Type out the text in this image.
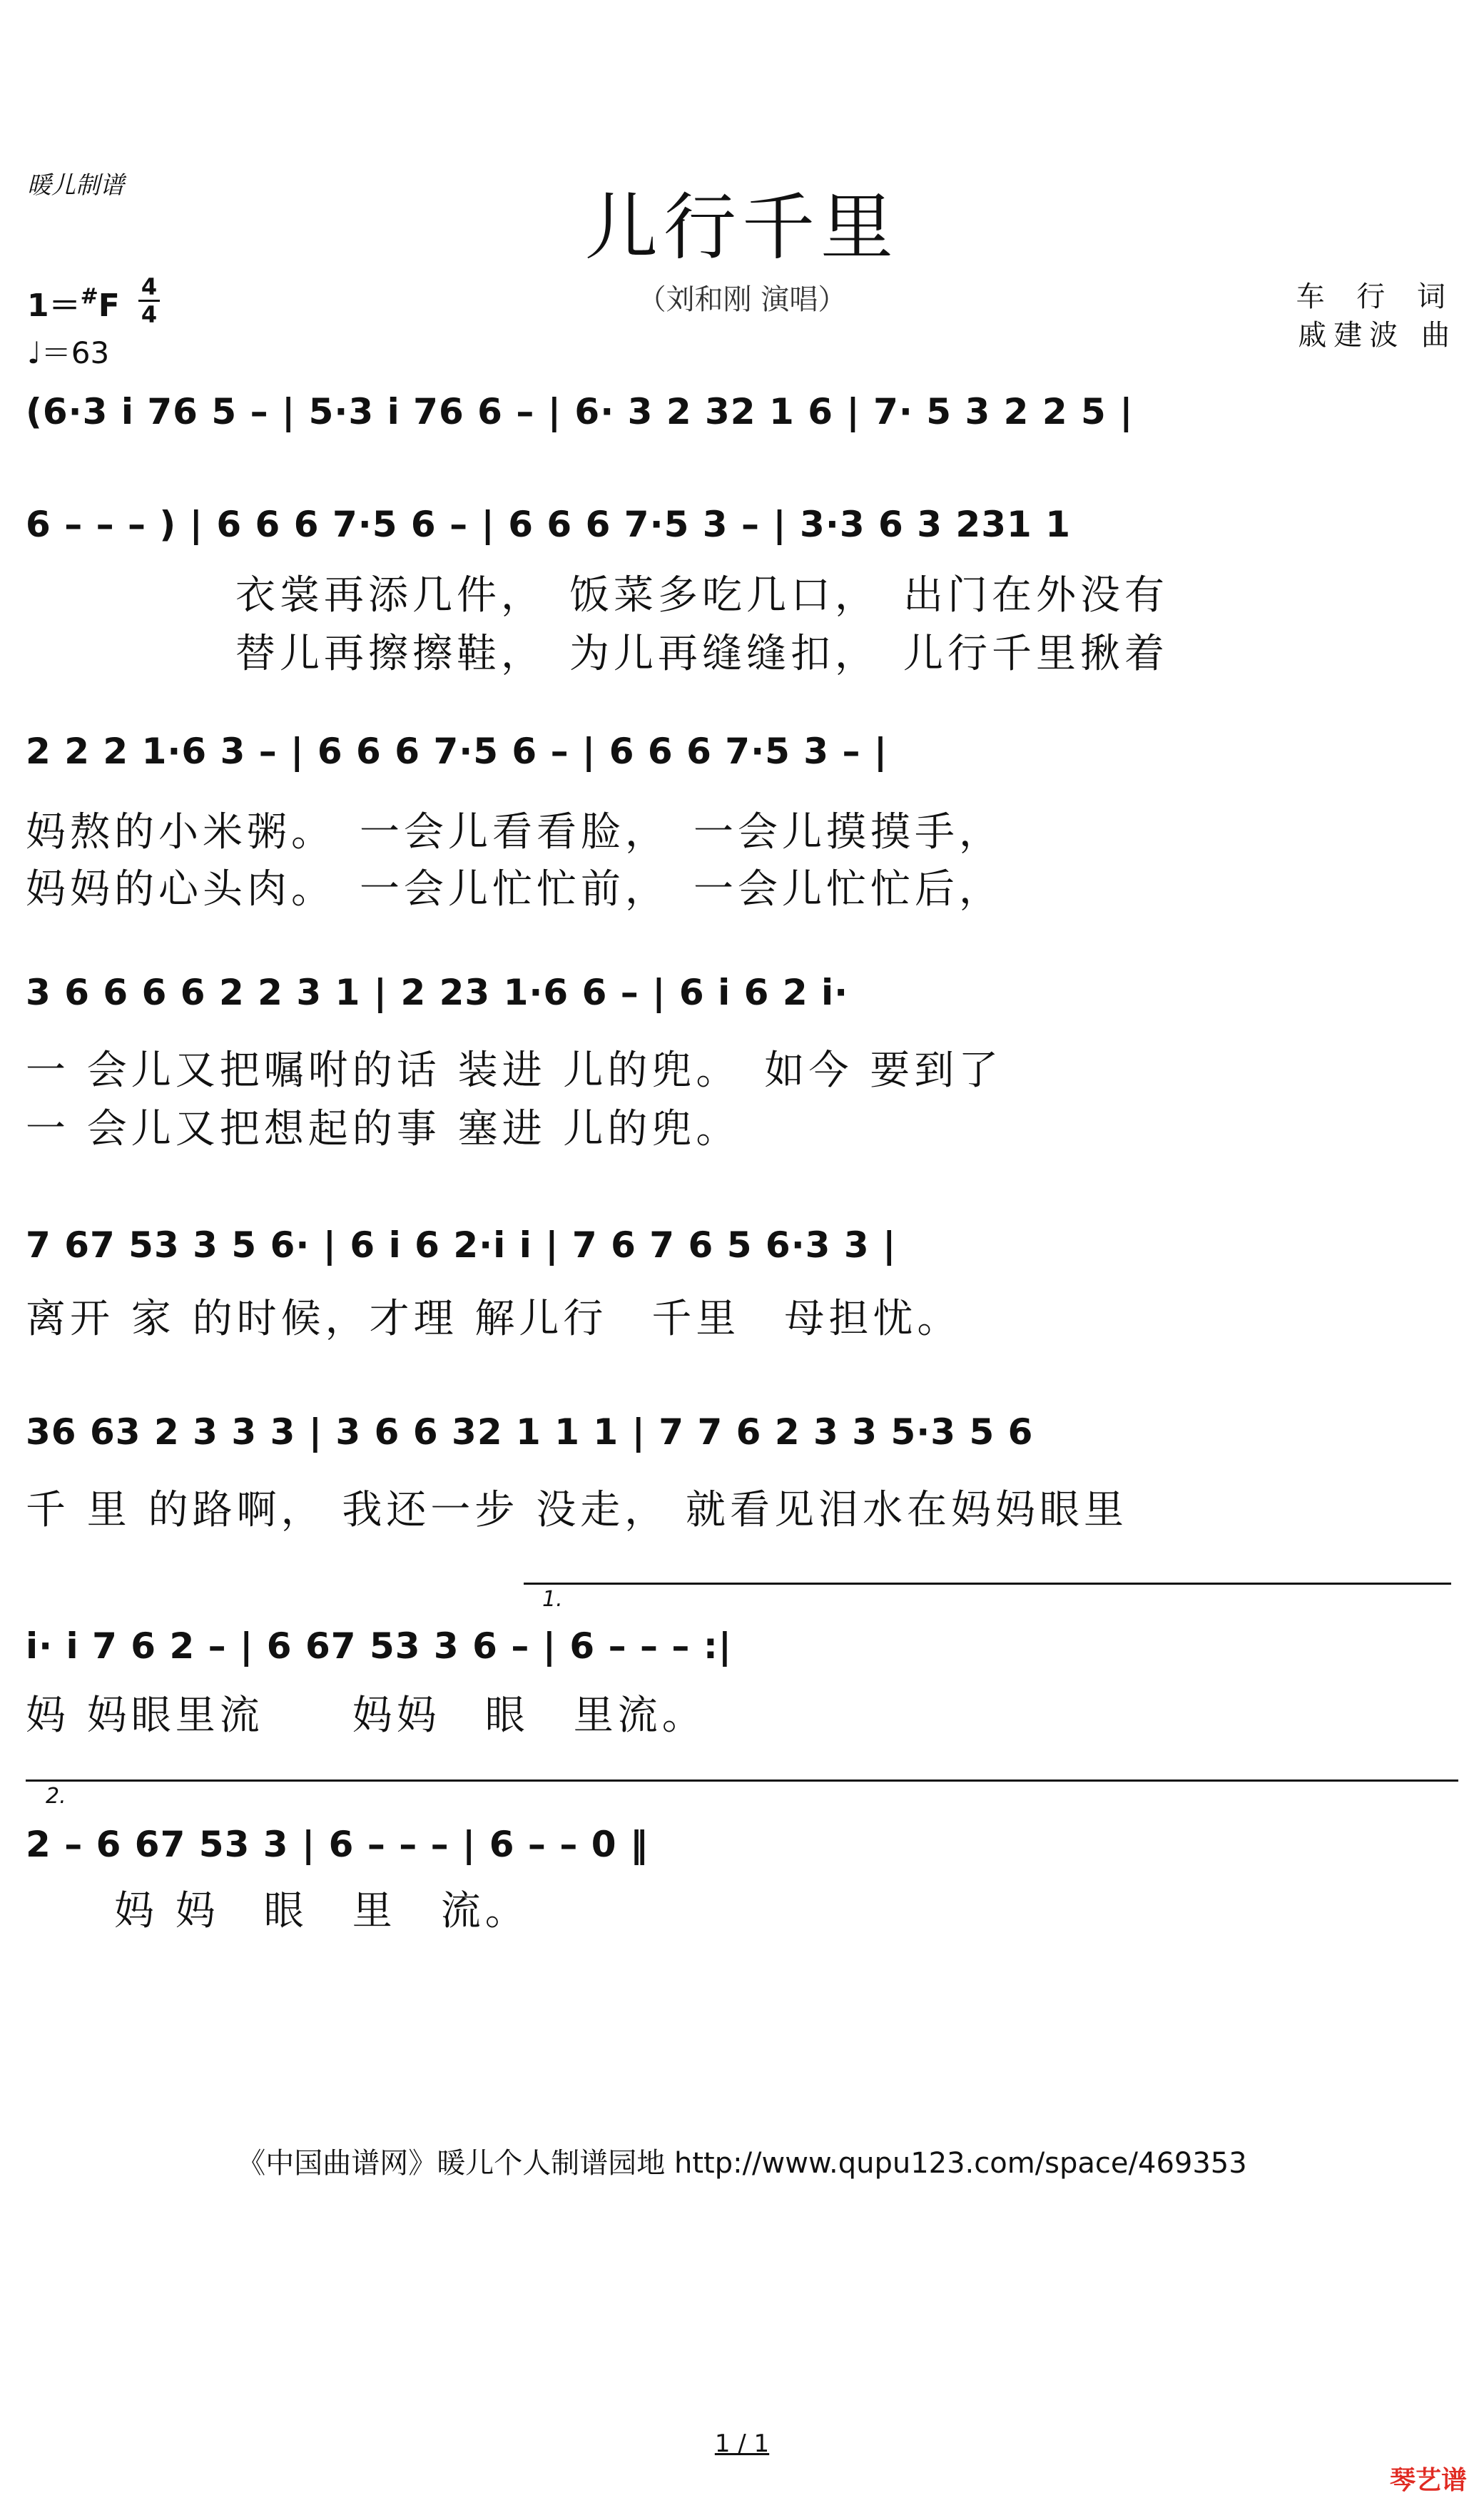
暖儿制谱	儿行千里
（刘和刚 演唱）
1＝#F
4
4
♩＝63
车 行 词
戚建波 曲
(6·3 i 76 5 – | 5·3 i 76 6 – | 6· 3 2 32 1 6 | 7· 5 3 2 2 5 |
6 – – – ) | 6 6 6 7·5 6 – | 6 6 6 7·5 3 – | 3·3 6 3 231 1
衣裳再添几件，　饭菜多吃几口，　出门在外没有
替儿再擦擦鞋，　为儿再缝缝扣，　儿行千里揪着
2 2 2 1·6 3 – | 6 6 6 7·5 6 – | 6 6 6 7·5 3 – |
妈熬的小米粥。　一会儿看看脸，　一会儿摸摸手，
妈妈的心头肉。　一会儿忙忙前，　一会儿忙忙后，
3 6 6 6 6 2 2 3 1 | 2 23 1·6 6 – | 6 i 6 2 i·
一 会儿又把嘱咐的话 装进 儿的兜。　如今 要到了
一 会儿又把想起的事 塞进 儿的兜。
7 67 53 3 5 6· | 6 i 6 2·i i | 7 6 7 6 5 6·3 3 |
离开 家 的时候，才理 解儿行　千里　母担忧。
36 63 2 3 3 3 | 3 6 6 32 1 1 1 | 7 7 6 2 3 3 5·3 5 6
千 里 的路啊， 我还一步 没走， 就看见泪水在妈妈眼里
1.
i· i 7 6 2 – | 6 67 53 3 6 – | 6 – – – :|
妈 妈眼里流　　妈妈　眼　里流。
2.
2 – 6 67 53 3 | 6 – – – | 6 – – 0 ‖
　　妈 妈　眼　里　流。
《中国曲谱网》暖儿个人制谱园地 http://www.qupu123.com/space/469353
1 / 1
琴艺谱
